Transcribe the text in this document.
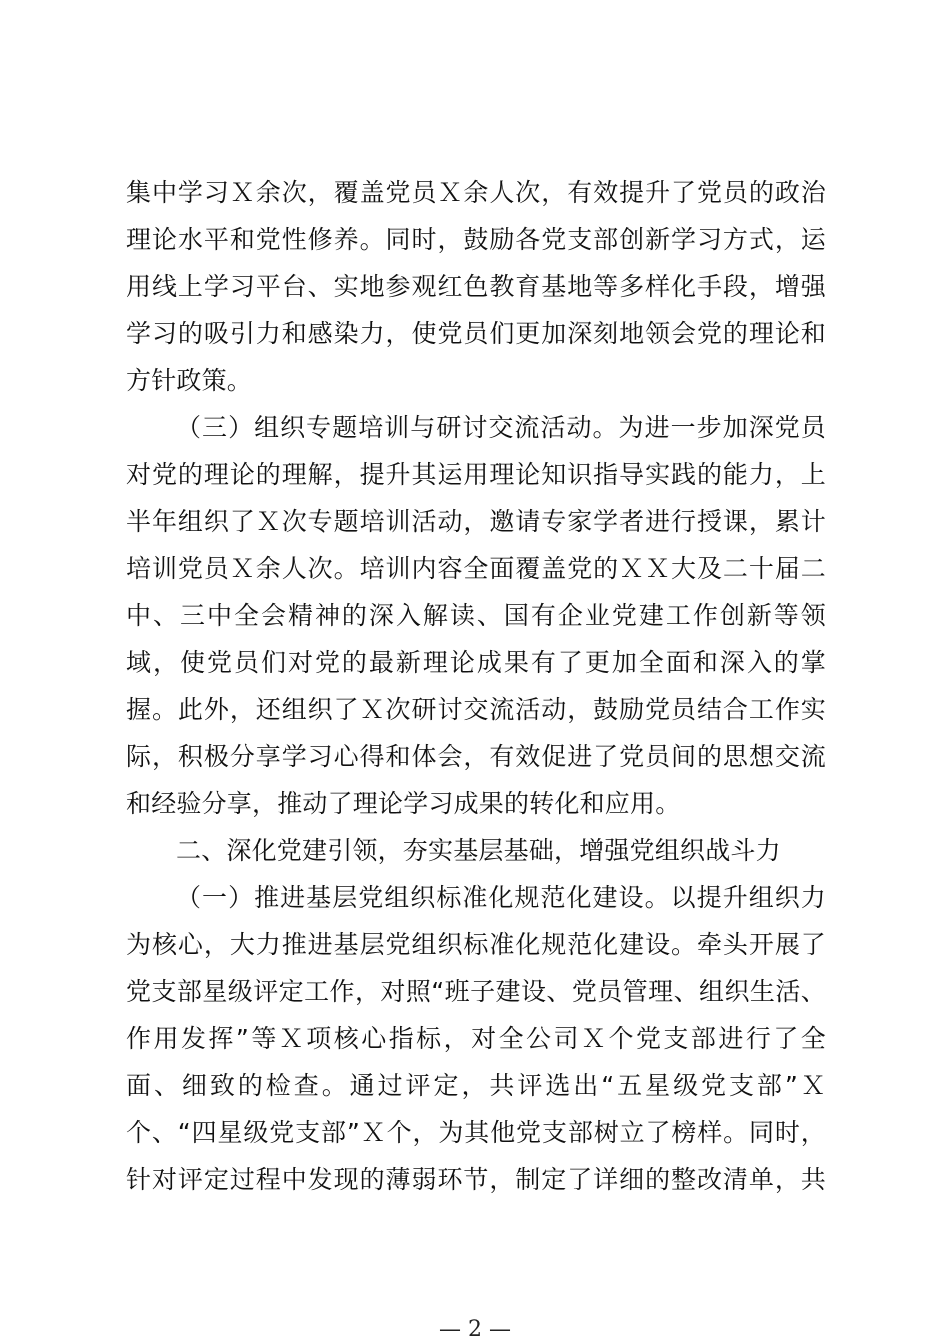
集中学习Ｘ余次，覆盖党员Ｘ余人次，有效提升了党员的政治
理论水平和党性修养。同时，鼓励各党支部创新学习方式，运
用线上学习平台、实地参观红色教育基地等多样化手段，增强
学习的吸引力和感染力，使党员们更加深刻地领会党的理论和
方针政策。
（三）组织专题培训与研讨交流活动。为进一步加深党员
对党的理论的理解，提升其运用理论知识指导实践的能力，上
半年组织了Ｘ次专题培训活动，邀请专家学者进行授课，累计
培训党员Ｘ余人次。培训内容全面覆盖党的ＸＸ大及二十届二
中、三中全会精神的深入解读、国有企业党建工作创新等领
域，使党员们对党的最新理论成果有了更加全面和深入的掌
握。此外，还组织了Ｘ次研讨交流活动，鼓励党员结合工作实
际，积极分享学习心得和体会，有效促进了党员间的思想交流
和经验分享，推动了理论学习成果的转化和应用。
二、深化党建引领，夯实基层基础，增强党组织战斗力
（一）推进基层党组织标准化规范化建设。以提升组织力
为核心，大力推进基层党组织标准化规范化建设。牵头开展了
党支部星级评定工作，对照“班子建设、党员管理、组织生活、
作用发挥”等Ｘ项核心指标，对全公司Ｘ个党支部进行了全
面、细致的检查。通过评定，共评选出“五星级党支部”Ｘ
个、“四星级党支部”Ｘ个，为其他党支部树立了榜样。同时，
针对评定过程中发现的薄弱环节，制定了详细的整改清单，共
— 2 —
